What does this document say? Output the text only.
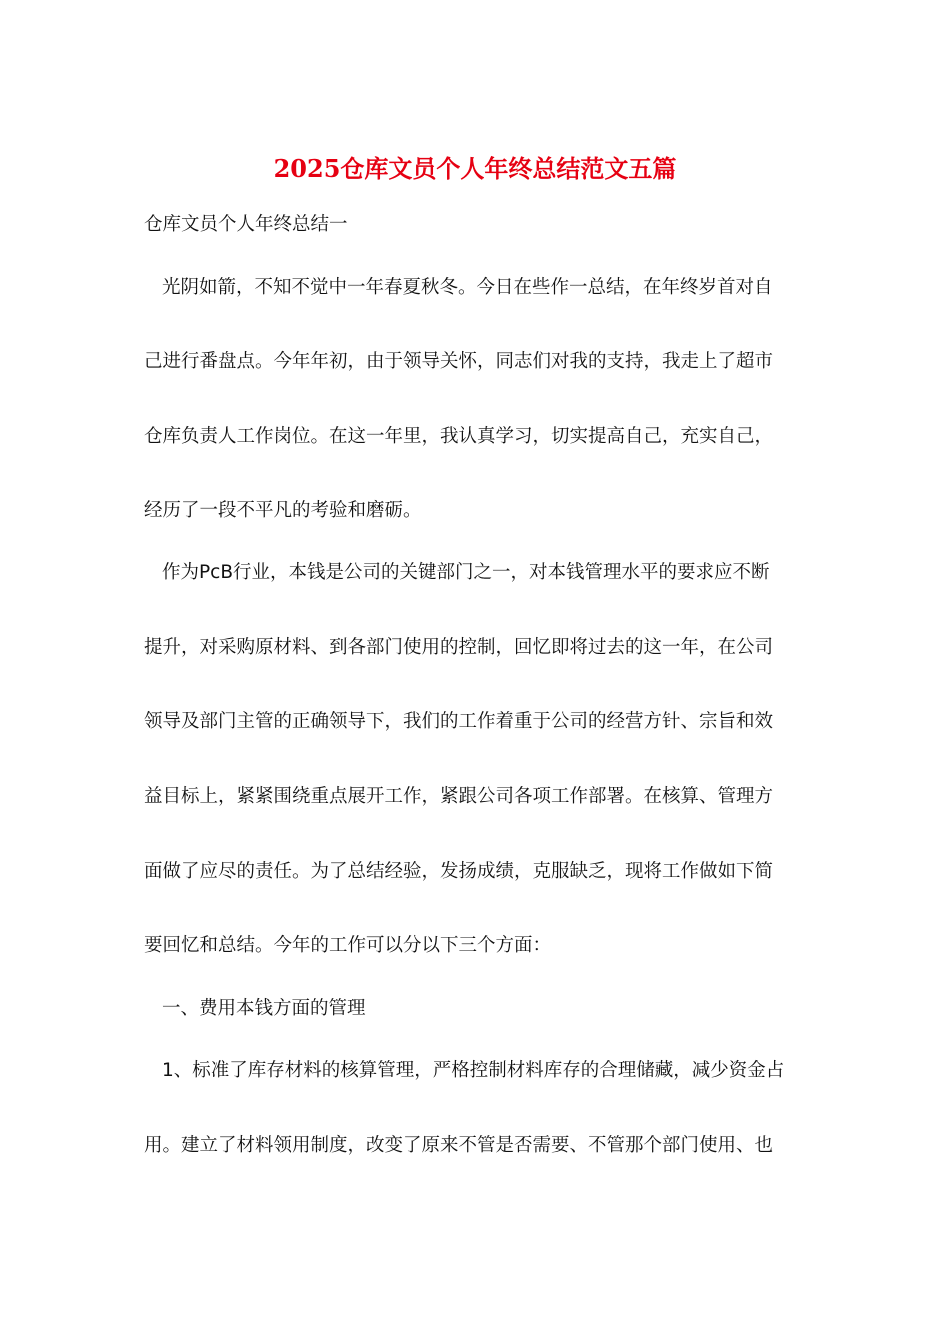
2025仓库文员个人年终总结范文五篇
仓库文员个人年终总结一
光阴如箭，不知不觉中一年春夏秋冬。今日在些作一总结，在年终岁首对自
己进行番盘点。今年年初，由于领导关怀，同志们对我的支持，我走上了超市
仓库负责人工作岗位。在这一年里，我认真学习，切实提高自己，充实自己，
经历了一段不平凡的考验和磨砺。
作为PcB行业，本钱是公司的关键部门之一，对本钱管理水平的要求应不断
提升，对采购原材料、到各部门使用的控制，回忆即将过去的这一年，在公司
领导及部门主管的正确领导下，我们的工作着重于公司的经营方针、宗旨和效
益目标上，紧紧围绕重点展开工作，紧跟公司各项工作部署。在核算、管理方
面做了应尽的责任。为了总结经验，发扬成绩，克服缺乏，现将工作做如下简
要回忆和总结。今年的工作可以分以下三个方面：
一、费用本钱方面的管理
1、标准了库存材料的核算管理，严格控制材料库存的合理储藏，减少资金占
用。建立了材料领用制度，改变了原来不管是否需要、不管那个部门使用、也
